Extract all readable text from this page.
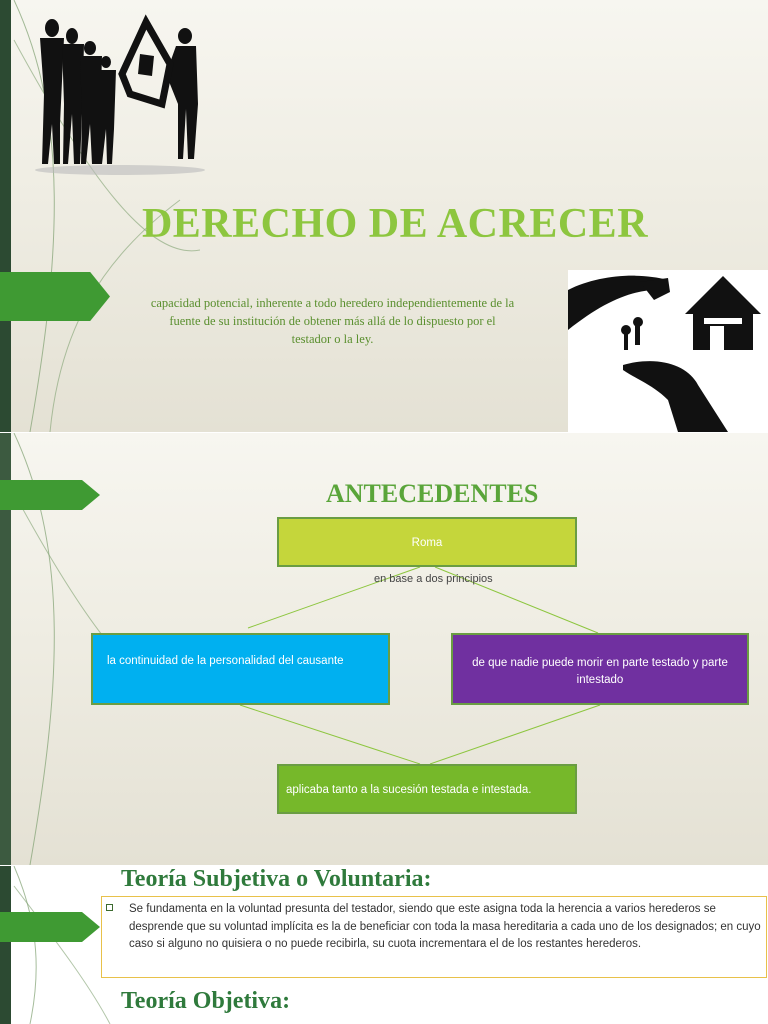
DERECHO DE ACRECER
capacidad potencial, inherente a todo heredero independientemente de la fuente de su institución de obtener más allá de lo dispuesto por el testador o la ley.
ANTECEDENTES
Roma
en base a dos principios
la continuidad de la personalidad del causante	de que nadie puede morir en parte testado y parte intestado
aplicaba tanto a la sucesión testada e intestada.
Teoría Subjetiva o Voluntaria:
Se fundamenta en la voluntad presunta del testador, siendo que este asigna toda la herencia a varios herederos se desprende que su voluntad implícita es la de beneficiar con toda la masa hereditaria a cada uno de los designados; en cuyo caso si alguno no quisiera o no puede recibirla, su cuota incrementara el de los restantes herederos.
Teoría Objetiva:
